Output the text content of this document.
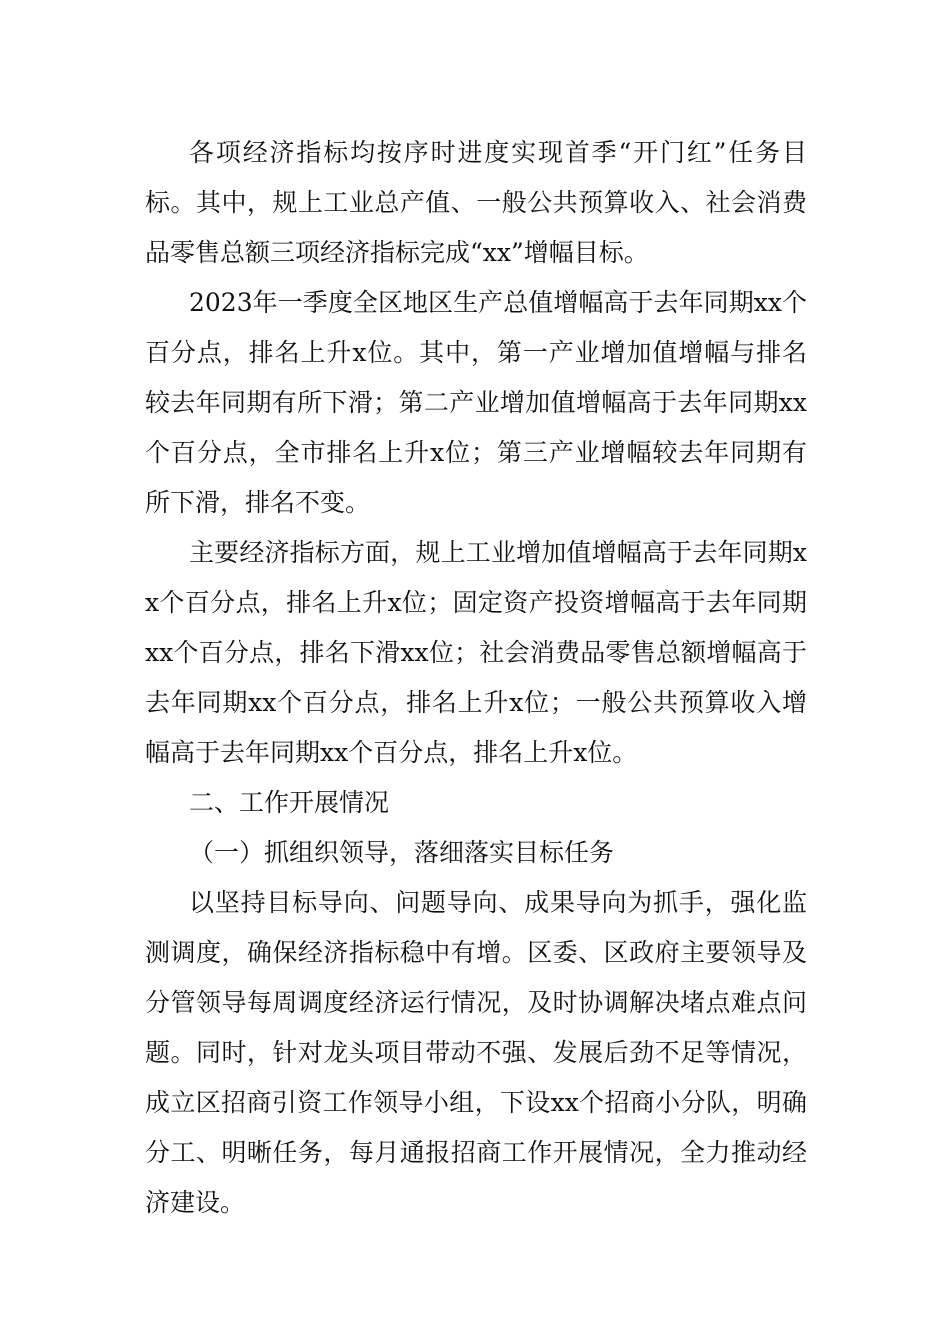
各项经济指标均按序时进度实现首季“开门红”任务目标。其中，规上工业总产值、一般公共预算收入、社会消费品零售总额三项经济指标完成“xx”增幅目标。

2023年一季度全区地区生产总值增幅高于去年同期xx个百分点，排名上升x位。其中，第一产业增加值增幅与排名较去年同期有所下滑；第二产业增加值增幅高于去年同期xx个百分点，全市排名上升x位；第三产业增幅较去年同期有所下滑，排名不变。

主要经济指标方面，规上工业增加值增幅高于去年同期xx个百分点，排名上升x位；固定资产投资增幅高于去年同期xx个百分点，排名下滑xx位；社会消费品零售总额增幅高于去年同期xx个百分点，排名上升x位；一般公共预算收入增幅高于去年同期xx个百分点，排名上升x位。

二、工作开展情况

（一）抓组织领导，落细落实目标任务

以坚持目标导向、问题导向、成果导向为抓手，强化监测调度，确保经济指标稳中有增。区委、区政府主要领导及分管领导每周调度经济运行情况，及时协调解决堵点难点问题。同时，针对龙头项目带动不强、发展后劲不足等情况，成立区招商引资工作领导小组，下设xx个招商小分队，明确分工、明晰任务，每月通报招商工作开展情况，全力推动经济建设。
